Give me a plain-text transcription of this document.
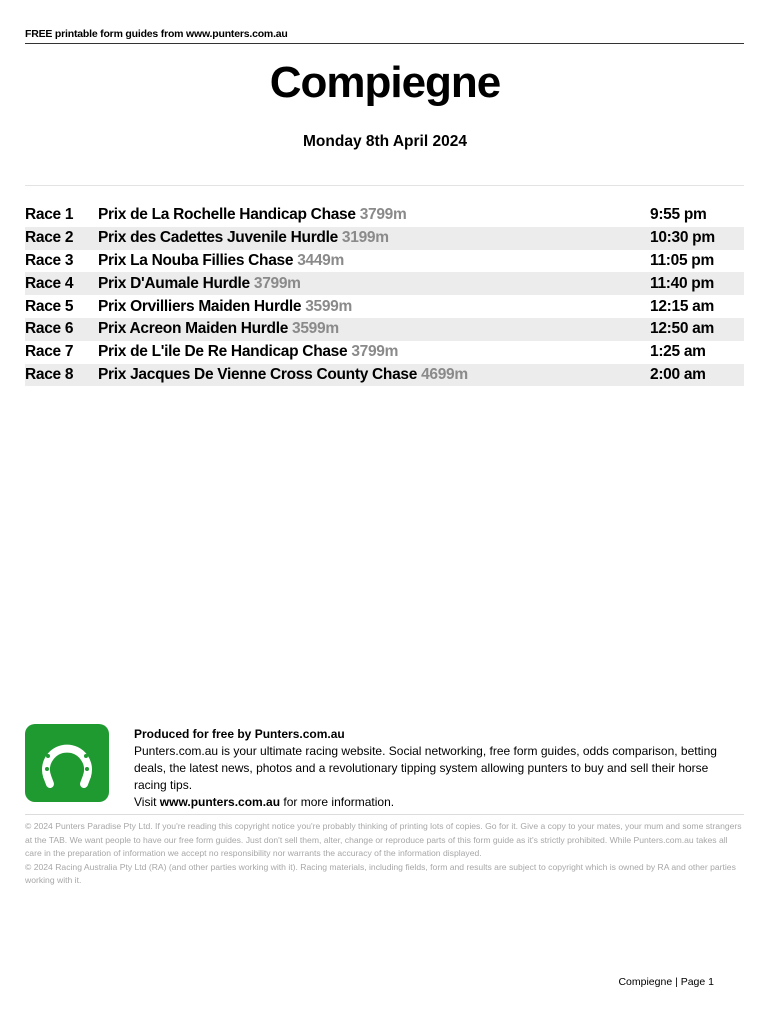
FREE printable form guides from www.punters.com.au
Compiegne
Monday 8th April 2024
Race 1	Prix de La Rochelle Handicap Chase 3799m	9:55 pm
Race 2	Prix des Cadettes Juvenile Hurdle 3199m	10:30 pm
Race 3	Prix La Nouba Fillies Chase 3449m	11:05 pm
Race 4	Prix D'Aumale Hurdle 3799m	11:40 pm
Race 5	Prix Orvilliers Maiden Hurdle 3599m	12:15 am
Race 6	Prix Acreon Maiden Hurdle 3599m	12:50 am
Race 7	Prix de L'ile De Re Handicap Chase 3799m	1:25 am
Race 8	Prix Jacques De Vienne Cross County Chase 4699m	2:00 am
Produced for free by Punters.com.au
Punters.com.au is your ultimate racing website. Social networking, free form guides, odds comparison, betting deals, the latest news, photos and a revolutionary tipping system allowing punters to buy and sell their horse racing tips.
Visit www.punters.com.au for more information.

© 2024 Punters Paradise Pty Ltd. If you're reading this copyright notice you're probably thinking of printing lots of copies. Go for it. Give a copy to your mates, your mum and some strangers at the TAB. We want people to have our free form guides. Just don't sell them, alter, change or reproduce parts of this form guide as it's strictly prohibited. While Punters.com.au takes all care in the preparation of information we accept no responsibility nor warrants the accuracy of the information displayed.

© 2024 Racing Australia Pty Ltd (RA) (and other parties working with it). Racing materials, including fields, form and results are subject to copyright which is owned by RA and other parties working with it.

Compiegne | Page 1
